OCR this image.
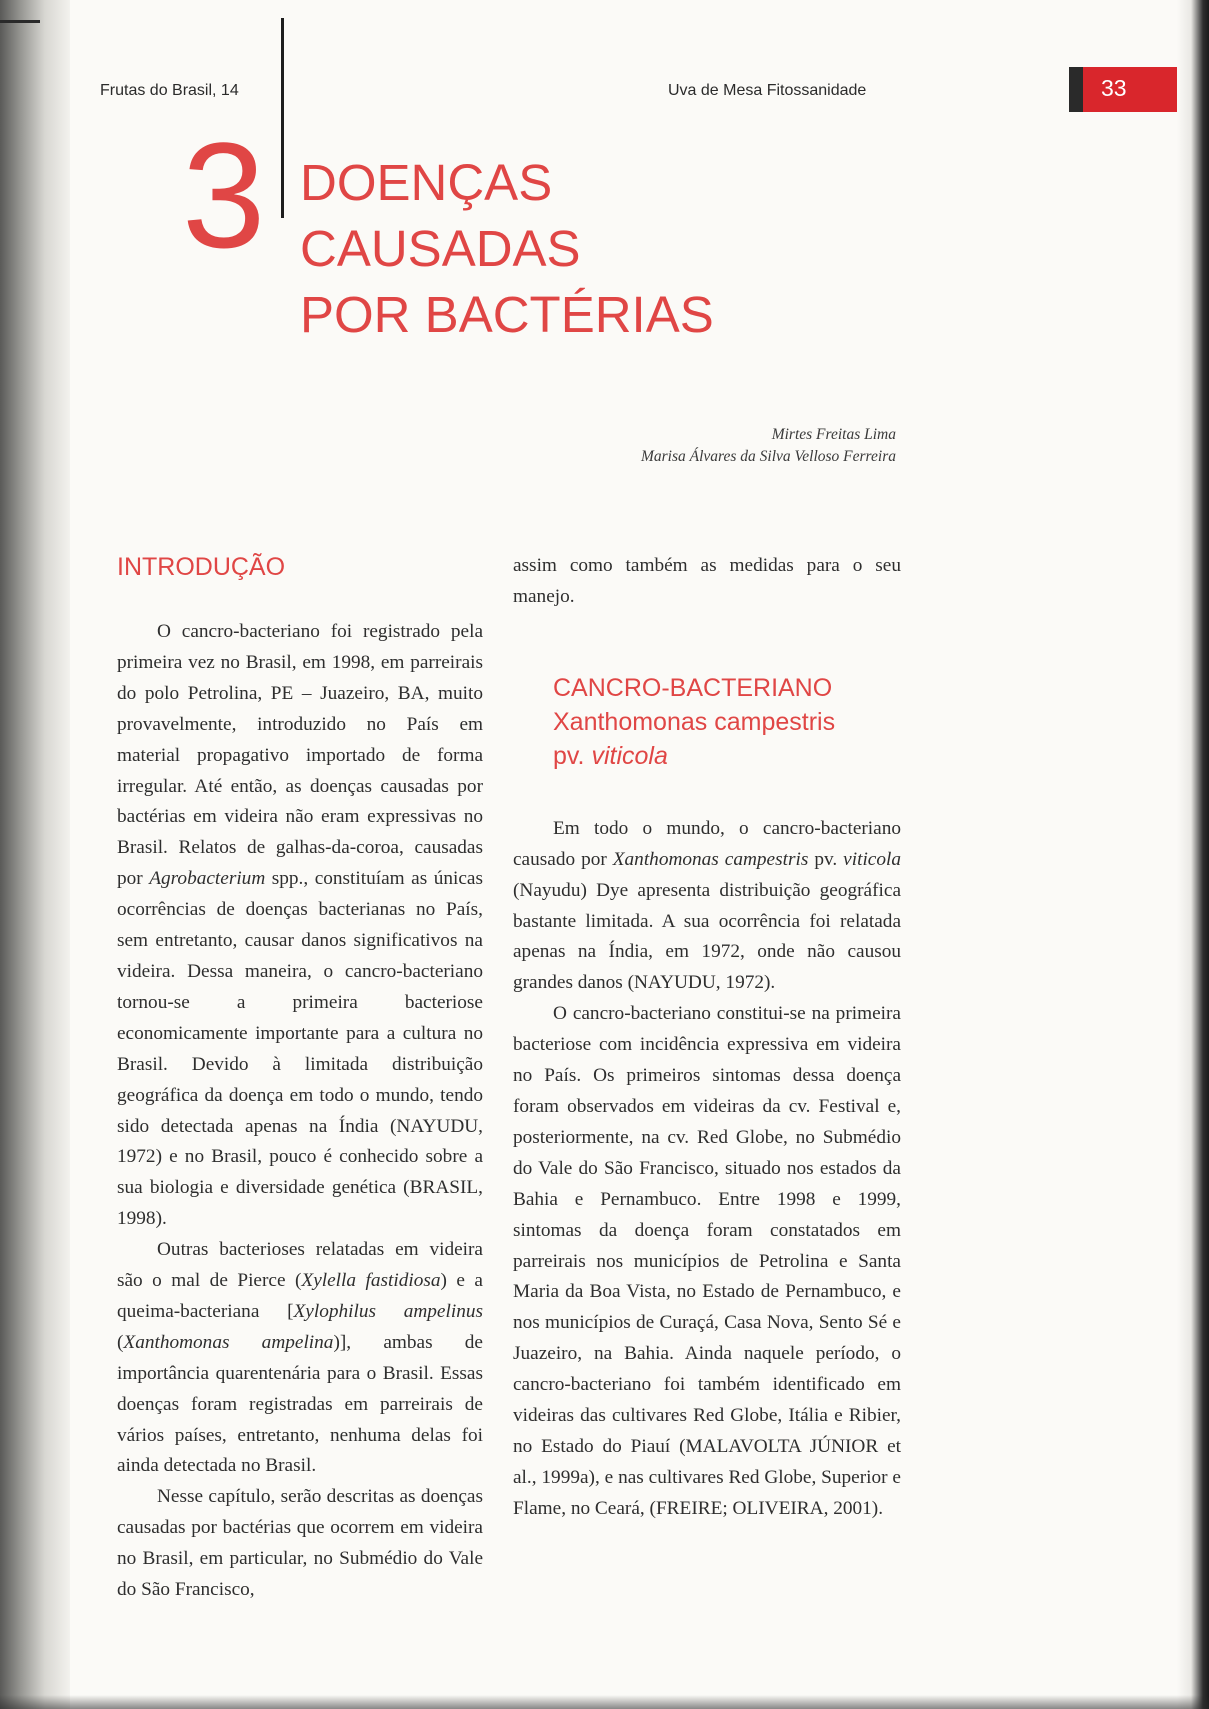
Frutas do Brasil, 14	Uva de Mesa Fitossanidade	33
3 DOENÇAS
CAUSADAS
POR BACTÉRIAS
Mirtes Freitas Lima
Marisa Álvares da Silva Velloso Ferreira
INTRODUÇÃO

O cancro-bacteriano foi registrado pela primeira vez no Brasil, em 1998, em parreirais do polo Petrolina, PE – Juazeiro, BA, muito provavelmente, introduzido no País em material propagativo importado de forma irregular. Até então, as doenças causadas por bactérias em videira não eram expressivas no Brasil. Relatos de galhas-da-coroa, causadas por Agrobacterium spp., constituíam as únicas ocorrências de doenças bacterianas no País, sem entretanto, causar danos significativos na videira. Dessa maneira, o cancro-bacteriano tornou-se a primeira bacteriose economicamente importante para a cultura no Brasil. Devido à limitada distribuição geográfica da doença em todo o mundo, tendo sido detectada apenas na Índia (NAYUDU, 1972) e no Brasil, pouco é conhecido sobre a sua biologia e diversidade genética (BRASIL, 1998).

Outras bacterioses relatadas em videira são o mal de Pierce (Xylella fastidiosa) e a queima-bacteriana [Xylophilus ampelinus (Xanthomonas ampelina)], ambas de importância quarentenária para o Brasil. Essas doenças foram registradas em parreirais de vários países, entretanto, nenhuma delas foi ainda detectada no Brasil.

Nesse capítulo, serão descritas as doenças causadas por bactérias que ocorrem em videira no Brasil, em particular, no Submédio do Vale do São Francisco,

assim como também as medidas para o seu manejo.

CANCRO-BACTERIANO

Xanthomonas campestris

pv. viticola

Em todo o mundo, o cancro-bacteriano causado por Xanthomonas campestris pv. viticola (Nayudu) Dye apresenta distribuição geográfica bastante limitada. A sua ocorrência foi relatada apenas na Índia, em 1972, onde não causou grandes danos (NAYUDU, 1972).

O cancro-bacteriano constitui-se na primeira bacteriose com incidência expressiva em videira no País. Os primeiros sintomas dessa doença foram observados em videiras da cv. Festival e, posteriormente, na cv. Red Globe, no Submédio do Vale do São Francisco, situado nos estados da Bahia e Pernambuco. Entre 1998 e 1999, sintomas da doença foram constatados em parreirais nos municípios de Petrolina e Santa Maria da Boa Vista, no Estado de Pernambuco, e nos municípios de Curaçá, Casa Nova, Sento Sé e Juazeiro, na Bahia. Ainda naquele período, o cancro-bacteriano foi também identificado em videiras das cultivares Red Globe, Itália e Ribier, no Estado do Piauí (MALAVOLTA JÚNIOR et al., 1999a), e nas cultivares Red Globe, Superior e Flame, no Ceará, (FREIRE; OLIVEIRA, 2001).
